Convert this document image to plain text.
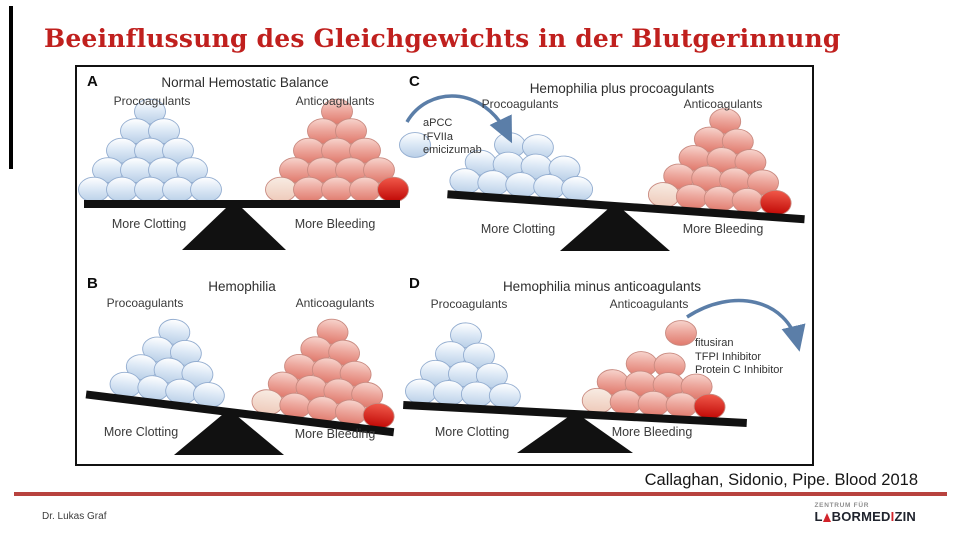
Beeinflussung des Gleichgewichts in der Blutgerinnung
A	Normal Hemostatic Balance
Procoagulants	Anticoagulants
More Clotting	More Bleeding
C	Hemophilia plus procoagulants
Procoagulants	Anticoagulants
More Clotting	More Bleeding
aPCC
rFVIIa
emicizumab
B	Hemophilia
Procoagulants	Anticoagulants
More Clotting	More Bleeding
D	Hemophilia minus anticoagulants
Procoagulants	Anticoagulants
More Clotting	More Bleeding
fitusiran
TFPI Inhibitor
Protein C Inhibitor
Callaghan, Sidonio, Pipe. Blood 2018
Dr. Lukas Graf
ZENTRUM FÜR
L BORMED I ZIN
